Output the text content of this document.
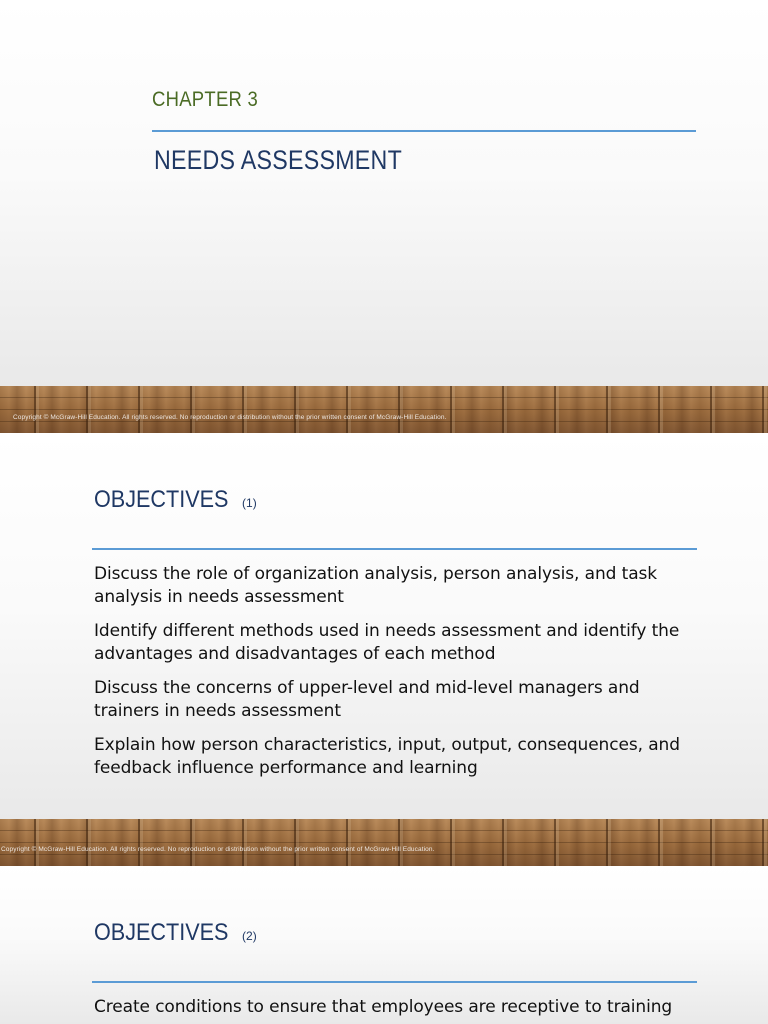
CHAPTER 3
NEEDS ASSESSMENT
Copyright © McGraw-Hill Education. All rights reserved. No reproduction or distribution without the prior written consent of McGraw-Hill Education.
OBJECTIVES (1)
Discuss the role of organization analysis, person analysis, and task analysis in needs assessment
Identify different methods used in needs assessment and identify the advantages and disadvantages of each method
Discuss the concerns of upper-level and mid-level managers and trainers in needs assessment
Explain how person characteristics, input, output, consequences, and feedback influence performance and learning
Copyright © McGraw-Hill Education. All rights reserved. No reproduction or distribution without the prior written consent of McGraw-Hill Education.
OBJECTIVES (2)
Create conditions to ensure that employees are receptive to training
